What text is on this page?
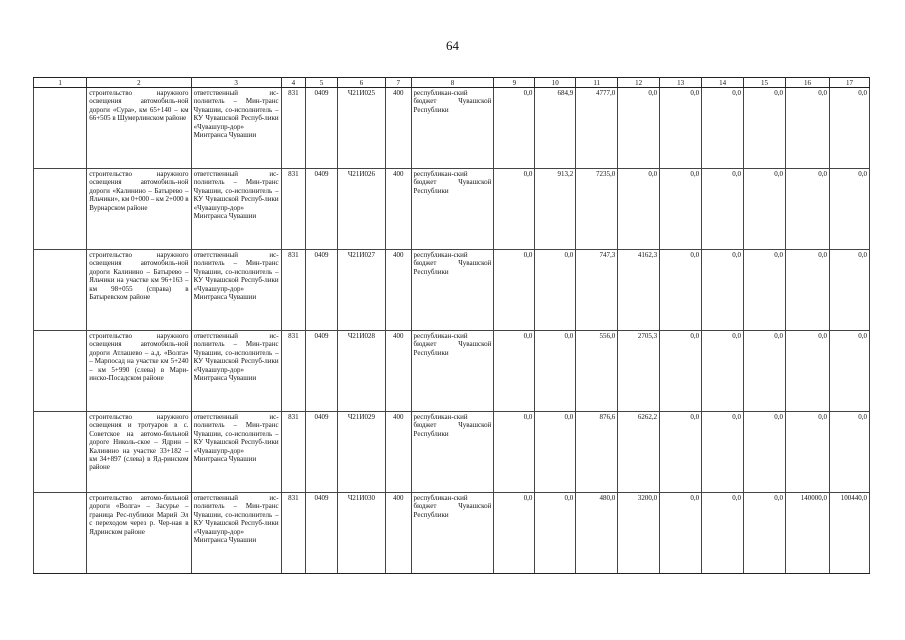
64
1	2	3	4	5	6	7	8	9	10	11	12	13	14	15	16	17
	строительство наружного освещения автомобиль-ной дороги «Сура», км 65+140 – км 66+505 в Шумерлинском районе	ответственный ис-полнитель – Мин-транс Чувашии, со-исполнитель – КУ Чувашской Респуб-лики «Чувашупр-дор» Минтранса Чувашии	831	0409	Ч21И025	400	республикан-ский бюджет Чувашской Республики	0,0	684,9	4777,0	0,0	0,0	0,0	0,0	0,0	0,0
	строительство наружного освещения автомобиль-ной дороги «Калинино – Батырево – Яльчики», км 0+000 – км 2+000 в Вурнарском районе	ответственный ис-полнитель – Мин-транс Чувашии, со-исполнитель – КУ Чувашской Респуб-лики «Чувашупр-дор» Минтранса Чувашии	831	0409	Ч21И026	400	республикан-ский бюджет Чувашской Республики	0,0	913,2	7235,0	0,0	0,0	0,0	0,0	0,0	0,0
	строительство наружного освещения автомобиль-ной дороги Калинино – Батырево – Яльчики на участке км 96+163 – км 98+055 (справа) в Батыревском районе	ответственный ис-полнитель – Мин-транс Чувашии, со-исполнитель – КУ Чувашской Респуб-лики «Чувашупр-дор» Минтранса Чувашии	831	0409	Ч21И027	400	республикан-ский бюджет Чувашской Республики	0,0	0,0	747,3	4162,3	0,0	0,0	0,0	0,0	0,0
	строительство наружного освещения автомобиль-ной дороги Атлашево – а.д. «Волга» – Марпосад на участке км 5+240 – км 5+990 (слева) в Мари-инско-Посадском районе	ответственный ис-полнитель – Мин-транс Чувашии, со-исполнитель – КУ Чувашской Респуб-лики «Чувашупр-дор» Минтранса Чувашии	831	0409	Ч21И028	400	республикан-ский бюджет Чувашской Республики	0,0	0,0	556,0	2705,3	0,0	0,0	0,0	0,0	0,0
	строительство наружного освещения и тротуаров в с. Советское на автомо-бильной дороге Николь-ское – Ядрин – Калинино на участке 33+182 – км 34+897 (слева) в Яд-ринском районе	ответственный ис-полнитель – Мин-транс Чувашии, со-исполнитель – КУ Чувашской Респуб-лики «Чувашупр-дор» Минтранса Чувашии	831	0409	Ч21И029	400	республикан-ский бюджет Чувашской Республики	0,0	0,0	876,6	6262,2	0,0	0,0	0,0	0,0	0,0
	строительство автомо-бильной дороги «Волга» – Засурье – граница Рес-публики Марий Эл с переходом через р. Чер-ная в Ядринском районе	ответственный ис-полнитель – Мин-транс Чувашии, со-исполнитель – КУ Чувашской Респуб-лики «Чувашупр-дор» Минтранса Чувашии	831	0409	Ч21И030	400	республикан-ский бюджет Чувашской Республики	0,0	0,0	480,0	3200,0	0,0	0,0	0,0	140000,0	100440,0
